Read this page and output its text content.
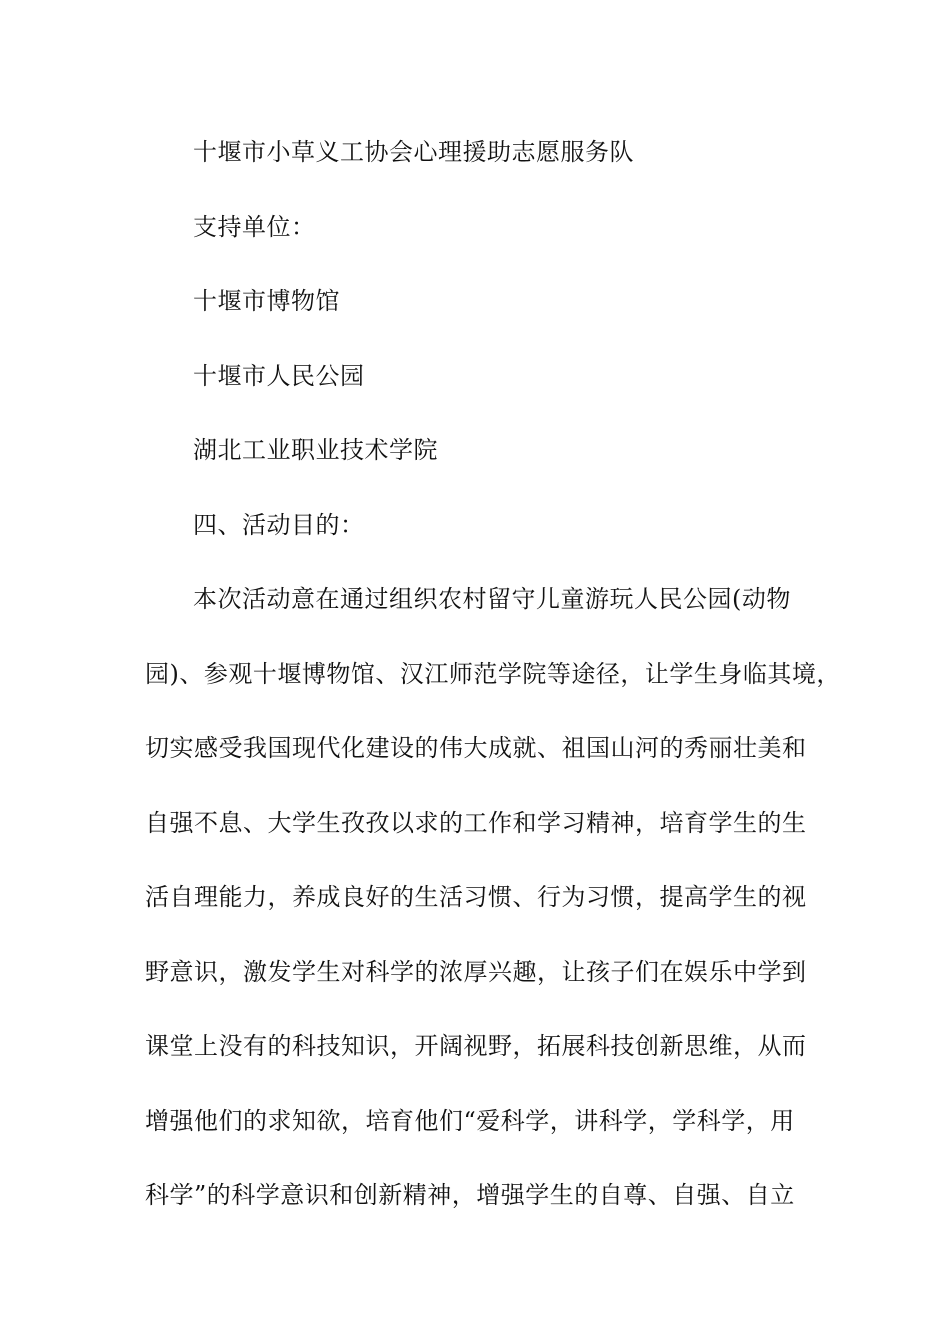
十堰市小草义工协会心理援助志愿服务队
支持单位：
十堰市博物馆
十堰市人民公园
湖北工业职业技术学院
四、活动目的：
本次活动意在通过组织农村留守儿童游玩人民公园(动物
园)、参观十堰博物馆、汉江师范学院等途径，让学生身临其境，
切实感受我国现代化建设的伟大成就、祖国山河的秀丽壮美和
自强不息、大学生孜孜以求的工作和学习精神，培育学生的生
活自理能力，养成良好的生活习惯、行为习惯，提高学生的视
野意识，激发学生对科学的浓厚兴趣，让孩子们在娱乐中学到
课堂上没有的科技知识，开阔视野，拓展科技创新思维，从而
增强他们的求知欲，培育他们“爱科学，讲科学，学科学，用
科学”的科学意识和创新精神，增强学生的自尊、自强、自立
